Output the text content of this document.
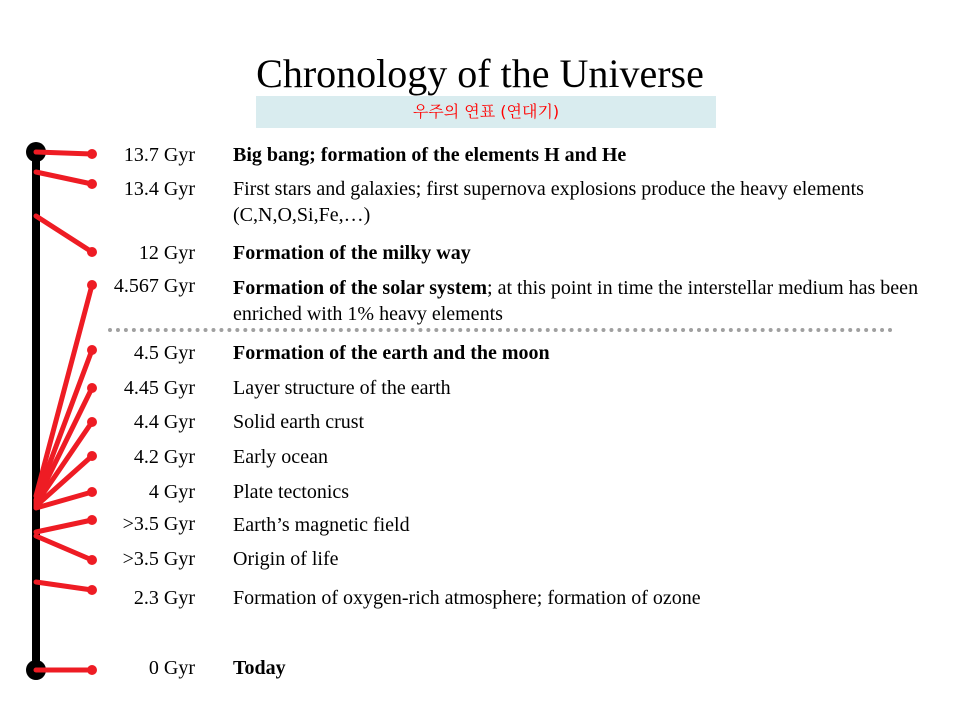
Chronology of the Universe
우주의 연표 (연대기)
13.7 Gyr Big bang; formation of the elements H and He
13.4 Gyr First stars and galaxies; first supernova explosions produce the heavy elements (C,N,O,Si,Fe,…)
12 Gyr Formation of the milky way
4.567 Gyr Formation of the solar system; at this point in time the interstellar medium has been enriched with 1% heavy elements
4.5 Gyr Formation of the earth and the moon
4.45 Gyr Layer structure of the earth
4.4 Gyr Solid earth crust
4.2 Gyr Early ocean
4 Gyr Plate tectonics
>3.5 Gyr Earth’s magnetic field
>3.5 Gyr Origin of life
2.3 Gyr Formation of oxygen-rich atmosphere; formation of ozone
0 Gyr Today
